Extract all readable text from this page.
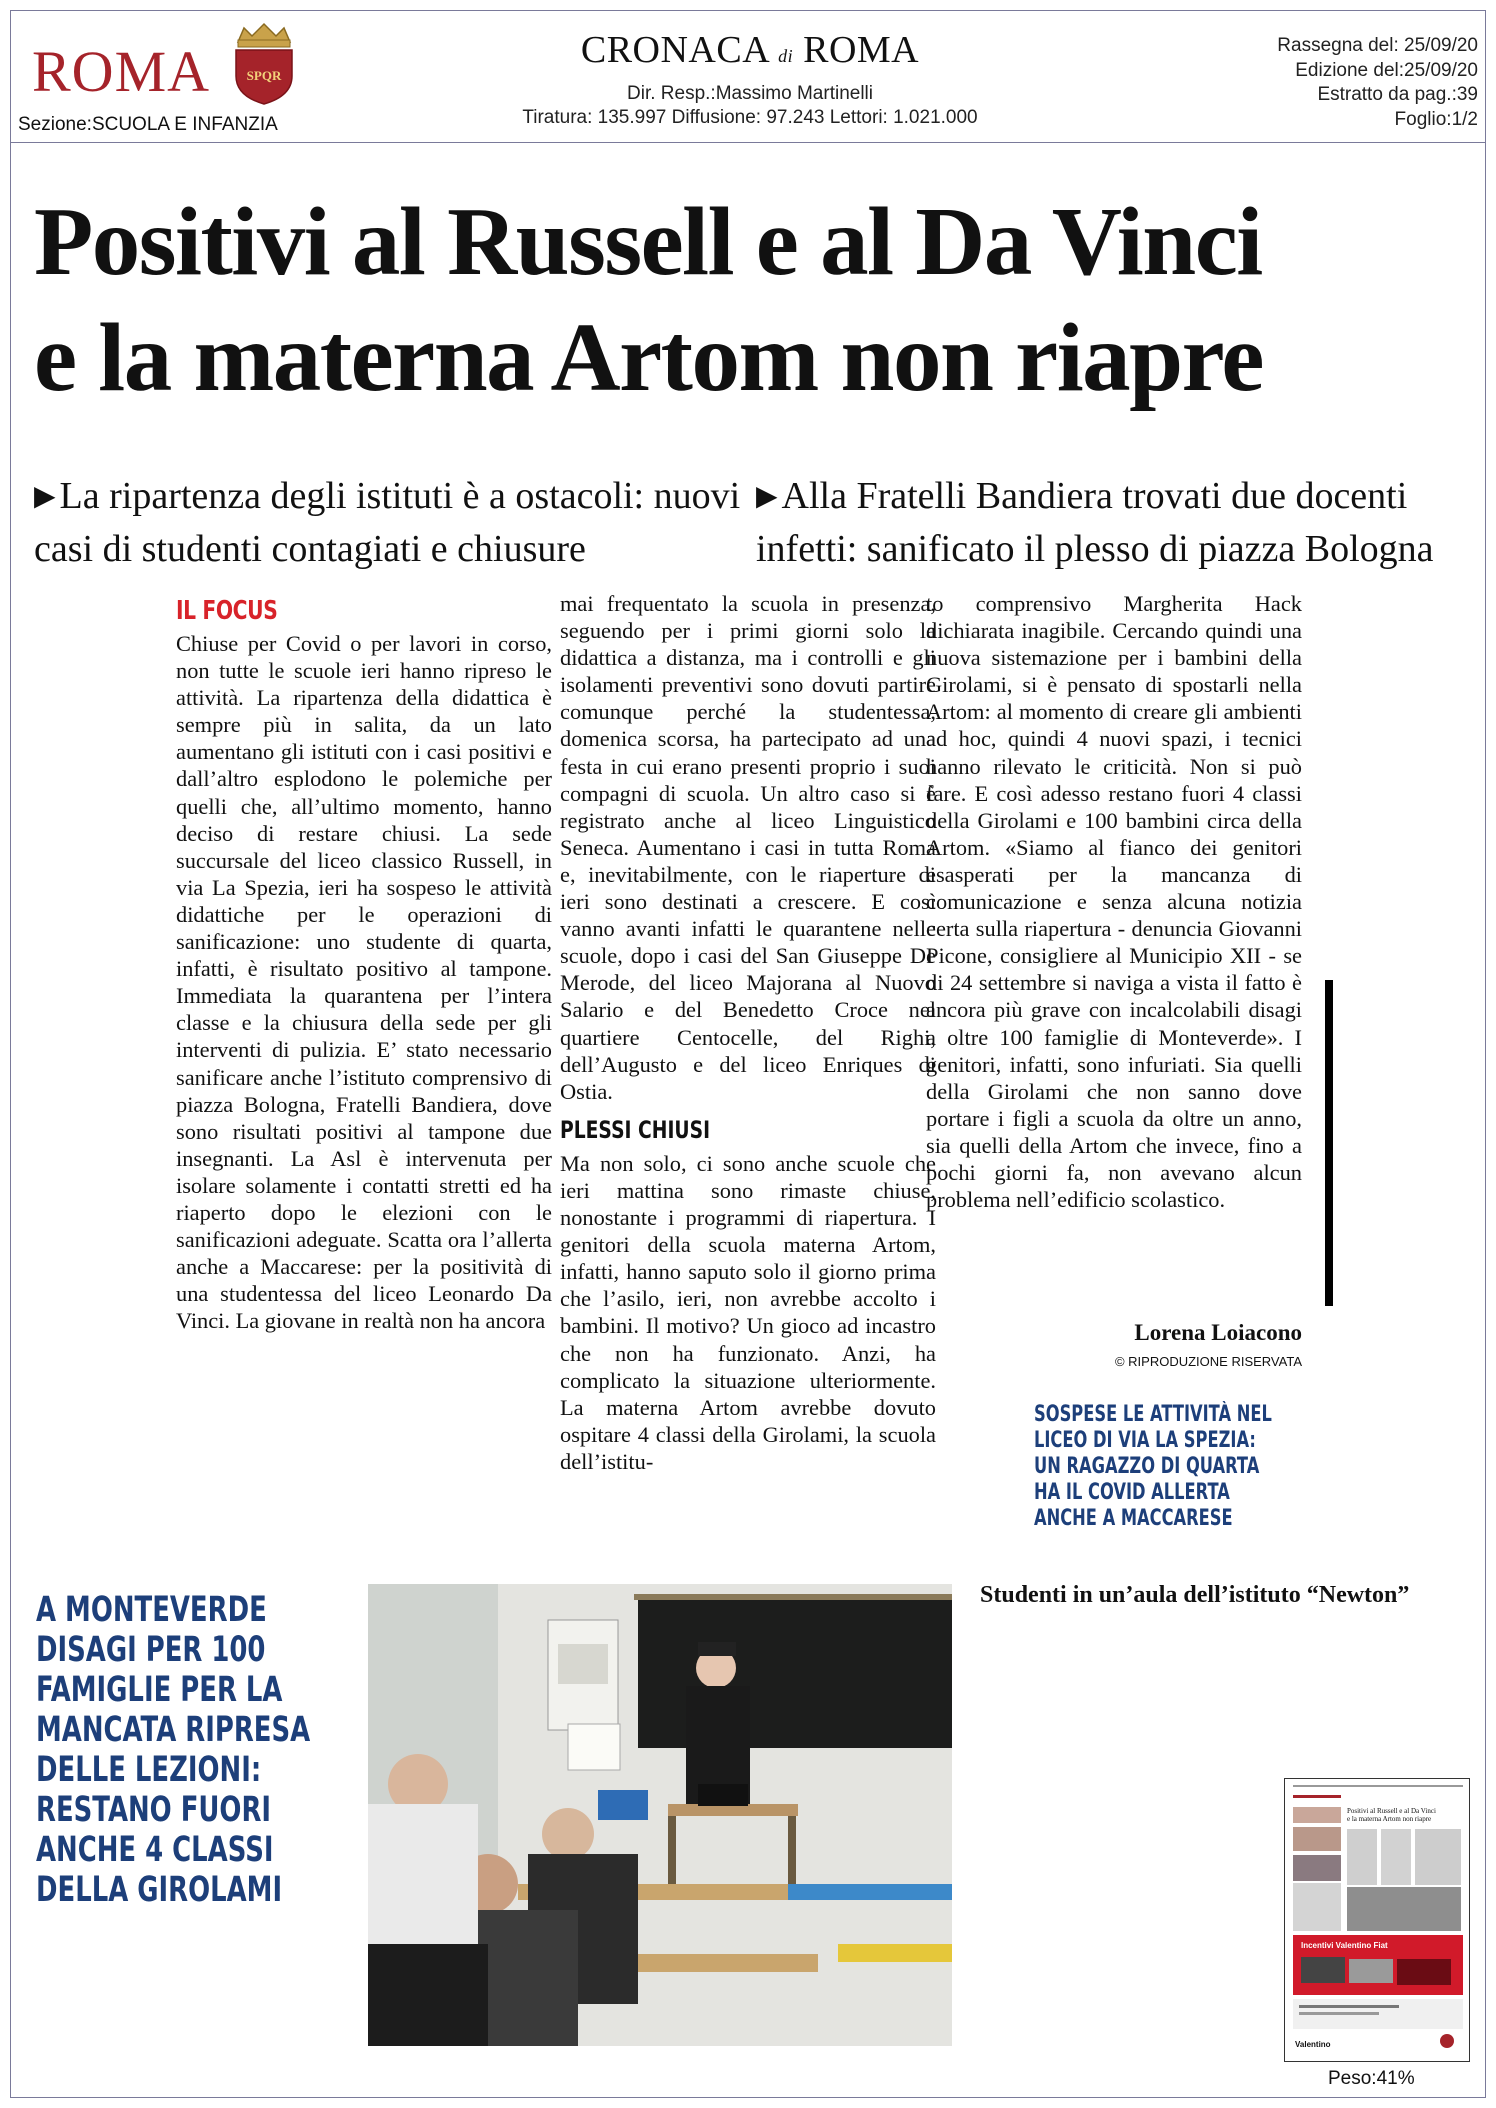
ROMA	SPQR
Sezione:SCUOLA E INFANZIA
CRONACA di ROMA
Dir. Resp.:Massimo Martinelli
Tiratura: 135.997 Diffusione: 97.243 Lettori: 1.021.000
Rassegna del: 25/09/20
Edizione del:25/09/20
Estratto da pag.:39
Foglio:1/2
Positivi al Russell e al Da Vinci
e la materna Artom non riapre
▶ La ripartenza degli istituti è a ostacoli: nuovi casi di studenti contagiati e chiusure
▶ Alla Fratelli Bandiera trovati due docenti infetti: sanificato il plesso di piazza Bologna
IL FOCUS

Chiuse per Covid o per lavori in corso, non tutte le scuole ieri hanno ripreso le attività. La ripartenza della didattica è sempre più in salita, da un lato aumentano gli istituti con i casi positivi e dall’altro esplodono le polemiche per quelli che, all’ultimo momento, hanno deciso di restare chiusi. La sede succursale del liceo classico Russell, in via La Spezia, ieri ha sospeso le attività didattiche per le operazioni di sanificazione: uno studente di quarta, infatti, è risultato positivo al tampone. Immediata la quarantena per l’intera classe e la chiusura della sede per gli interventi di pulizia. E’ stato necessario sanificare anche l’istituto comprensivo di piazza Bologna, Fratelli Bandiera, dove sono risultati positivi al tampone due insegnanti. La Asl è intervenuta per isolare solamente i contatti stretti ed ha riaperto dopo le elezioni con le sanificazioni adeguate. Scatta ora l’allerta anche a Maccarese: per la positività di una studentessa del liceo Leonardo Da Vinci. La giovane in realtà non ha ancora

mai frequentato la scuola in presenza, seguendo per i primi giorni solo la didattica a distanza, ma i controlli e gli isolamenti preventivi sono dovuti partire comunque perché la studentessa, domenica scorsa, ha partecipato ad una festa in cui erano presenti proprio i suoi compagni di scuola. Un altro caso si è registrato anche al liceo Linguistico Seneca. Aumentano i casi in tutta Roma e, inevitabilmente, con le riaperture di ieri sono destinati a crescere. E così vanno avanti infatti le quarantene nelle scuole, dopo i casi del San Giuseppe De Merode, del liceo Majorana al Nuovo Salario e del Benedetto Croce nel quartiere Centocelle, del Righi, dell’Augusto e del liceo Enriques di Ostia.

PLESSI CHIUSI

Ma non solo, ci sono anche scuole che ieri mattina sono rimaste chiuse, nonostante i programmi di riapertura. I genitori della scuola materna Artom, infatti, hanno saputo solo il giorno prima che l’asilo, ieri, non avrebbe accolto i bambini. Il motivo? Un gioco ad incastro che non ha funzionato. Anzi, ha complicato la situazione ulteriormente. La materna Artom avrebbe dovuto ospitare 4 classi della Girolami, la scuola dell’istitu-

to comprensivo Margherita Hack dichiarata inagibile. Cercando quindi una nuova sistemazione per i bambini della Girolami, si è pensato di spostarli nella Artom: al momento di creare gli ambienti ad hoc, quindi 4 nuovi spazi, i tecnici hanno rilevato le criticità. Non si può fare. E così adesso restano fuori 4 classi della Girolami e 100 bambini circa della Artom. «Siamo al fianco dei genitori esasperati per la mancanza di comunicazione e senza alcuna notizia certa sulla riapertura - denuncia Giovanni Picone, consigliere al Municipio XII - se di 24 settembre si naviga a vista il fatto è ancora più grave con incalcolabili disagi a oltre 100 famiglie di Monteverde». I genitori, infatti, sono infuriati. Sia quelli della Girolami che non sanno dove portare i figli a scuola da oltre un anno, sia quelli della Artom che invece, fino a pochi giorni fa, non avevano alcun problema nell’edificio scolastico.

Lorena Loiacono
© RIPRODUZIONE RISERVATA
SOSPESE LE ATTIVITÀ NEL LICEO DI VIA LA SPEZIA: UN RAGAZZO DI QUARTA HA IL COVID ALLERTA ANCHE A MACCARESE
A MONTEVERDE DISAGI PER 100 FAMIGLIE PER LA MANCATA RIPRESA DELLE LEZIONI: RESTANO FUORI ANCHE 4 CLASSI DELLA GIROLAMI
Studenti in un’aula dell’istituto “Newton”
Positivi al Russell e al Da Vinci e la materna Artom non riapre
Incentivi Valentino Fiat
Valentino
Peso:41%
